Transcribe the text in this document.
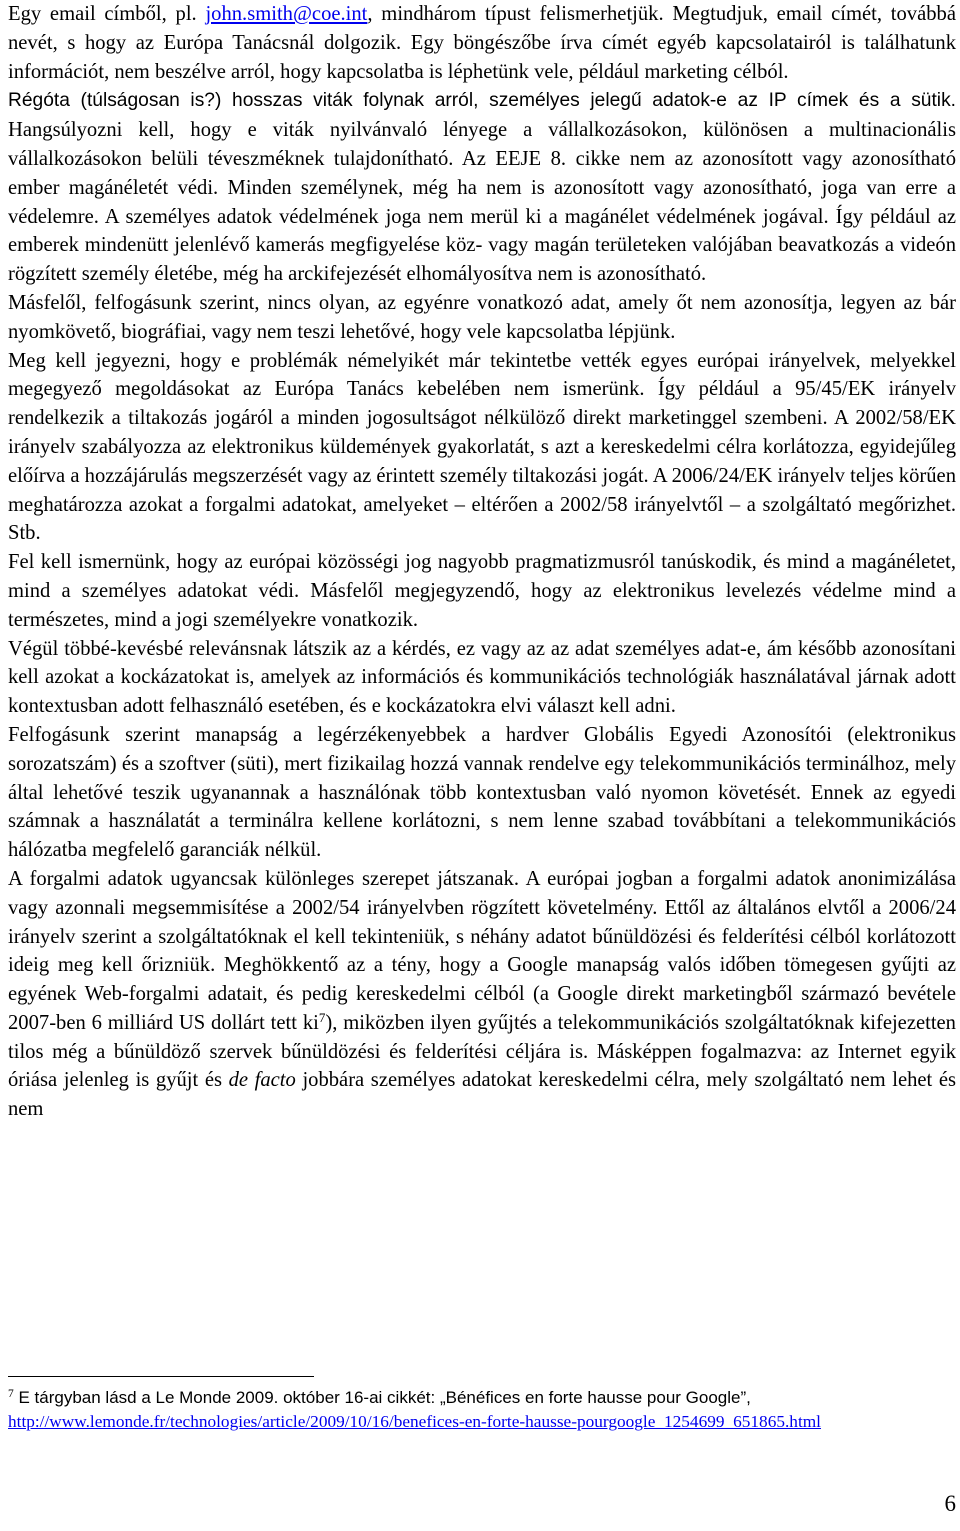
Egy email címből, pl. john.smith@coe.int, mindhárom típust felismerhetjük. Megtudjuk, email címét, továbbá nevét, s hogy az Európa Tanácsnál dolgozik. Egy böngészőbe írva címét egyéb kapcsolatairól is találhatunk információt, nem beszélve arról, hogy kapcsolatba is léphetünk vele, például marketing célból.

Régóta (túlságosan is?) hosszas viták folynak arról, személyes jelegű adatok-e az IP címek és a sütik. Hangsúlyozni kell, hogy e viták nyilvánvaló lényege a vállalkozásokon, különösen a multinacionális vállalkozásokon belüli téveszméknek tulajdonítható. Az EEJE 8. cikke nem az azonosított vagy azonosítható ember magánéletét védi. Minden személynek, még ha nem is azonosított vagy azonosítható, joga van erre a védelemre. A személyes adatok védelmének joga nem merül ki a magánélet védelmének jogával. Így például az emberek mindenütt jelenlévő kamerás megfigyelése köz- vagy magán területeken valójában beavatkozás a videón rögzített személy életébe, még ha arckifejezését elhomályosítva nem is azonosítható.

Másfelől, felfogásunk szerint, nincs olyan, az egyénre vonatkozó adat, amely őt nem azonosítja, legyen az bár nyomkövető, biográfiai, vagy nem teszi lehetővé, hogy vele kapcsolatba lépjünk.

Meg kell jegyezni, hogy e problémák némelyikét már tekintetbe vették egyes európai irányelvek, melyekkel megegyező megoldásokat az Európa Tanács kebelében nem ismerünk. Így például a 95/45/EK irányelv rendelkezik a tiltakozás jogáról a minden jogosultságot nélkülöző direkt marketinggel szembeni. A 2002/58/EK irányelv szabályozza az elektronikus küldemények gyakorlatát, s azt a kereskedelmi célra korlátozza, egyidejűleg előírva a hozzájárulás megszerzését vagy az érintett személy tiltakozási jogát. A 2006/24/EK irányelv teljes körűen meghatározza azokat a forgalmi adatokat, amelyeket – eltérően a 2002/58 irányelvtől – a szolgáltató megőrizhet. Stb.

Fel kell ismernünk, hogy az európai közösségi jog nagyobb pragmatizmusról tanúskodik, és mind a magánéletet, mind a személyes adatokat védi. Másfelől megjegyzendő, hogy az elektronikus levelezés védelme mind a természetes, mind a jogi személyekre vonatkozik.

Végül többé-kevésbé relevánsnak látszik az a kérdés, ez vagy az az adat személyes adat-e, ám később azonosítani kell azokat a kockázatokat is, amelyek az információs és kommunikációs technológiák használatával járnak adott kontextusban adott felhasználó esetében, és e kockázatokra elvi választ kell adni.

Felfogásunk szerint manapság a legérzékenyebbek a hardver Globális Egyedi Azonosítói (elektronikus sorozatszám) és a szoftver (süti), mert fizikailag hozzá vannak rendelve egy telekommunikációs terminálhoz, mely által lehetővé teszik ugyanannak a használónak több kontextusban való nyomon követését. Ennek az egyedi számnak a használatát a terminálra kellene korlátozni, s nem lenne szabad továbbítani a telekommunikációs hálózatba megfelelő garanciák nélkül.

A forgalmi adatok ugyancsak különleges szerepet játszanak. A európai jogban a forgalmi adatok anonimizálása vagy azonnali megsemmisítése a 2002/54 irányelvben rögzített követelmény. Ettől az általános elvtől a 2006/24 irányelv szerint a szolgáltatóknak el kell tekinteniük, s néhány adatot bűnüldözési és felderítési célból korlátozott ideig meg kell őrizniük. Meghökkentő az a tény, hogy a Google manapság valós időben tömegesen gyűjti az egyének Web-forgalmi adatait, és pedig kereskedelmi célból (a Google direkt marketingből származó bevétele 2007-ben 6 milliárd US dollárt tett ki$^7$), miközben ilyen gyűjtés a telekommunikációs szolgáltatóknak kifejezetten tilos még a bűnüldöző szervek bűnüldözési és felderítési céljára is. Másképpen fogalmazva: az Internet egyik óriása jelenleg is gyűjt és de facto jobbára személyes adatokat kereskedelmi célra, mely szolgáltató nem lehet és nem

$^7$ E tárgyban lásd a Le Monde 2009. október 16-ai cikkét: „Bénéfices en forte hausse pour Google”,
http://www.lemonde.fr/technologies/article/2009/10/16/benefices-en-forte-hausse-pourgoogle_1254699_651865.html
6
